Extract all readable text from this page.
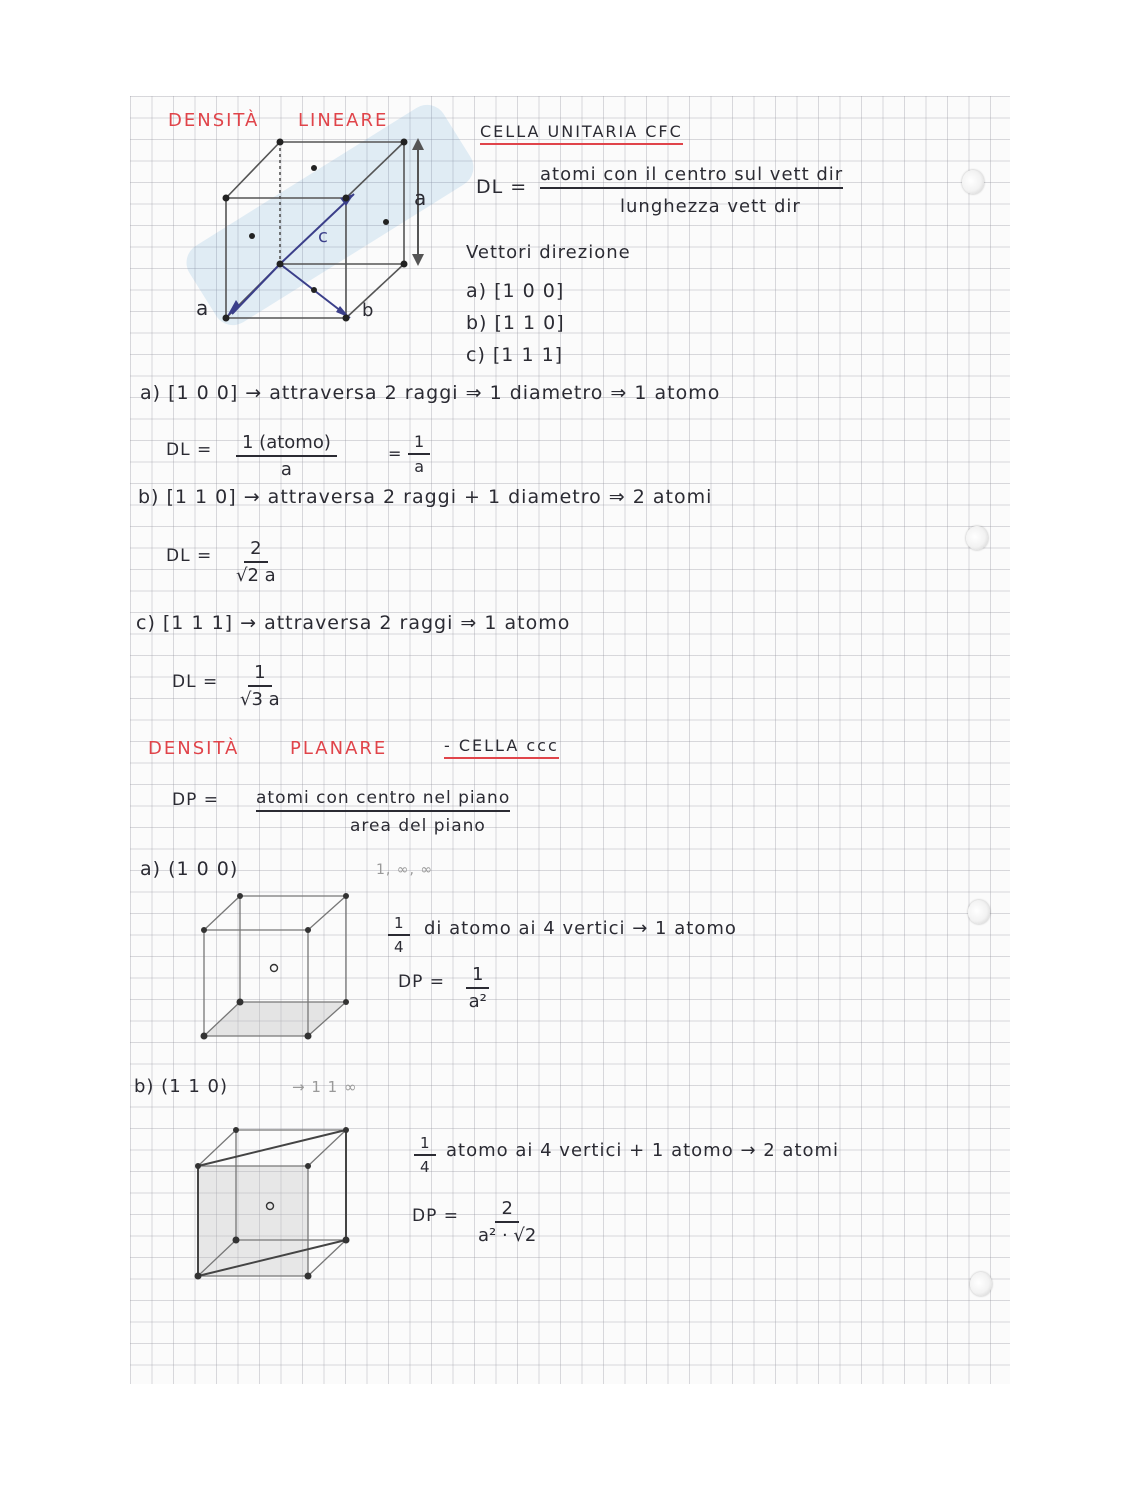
DENSITÀ LINEARE
CELLA UNITARIA CFC
a	b
c
a	DL =
atomi con il centro sul vett dir
lunghezza vett dir
Vettori direzione
a) [1 0 0]
b) [1 1 0]
c) [1 1 1]
a) [1 0 0] → attraversa 2 raggi ⇒ 1 diametro ⇒ 1 atomo
DL =	1 (atomo)
a
= $\frac{1}{a}$
b) [1 1 0] → attraversa 2 raggi + 1 diametro ⇒ 2 atomi
DL = $\frac{2}{√2 a}$
c) [1 1 1] → attraversa 2 raggi ⇒ 1 atomo
DL = $\frac{1}{√3 a}$
DENSITÀ	PLANARE	- CELLA ccc
DP = atomi con centro nel piano
area del piano
a) (1 0 0)	1, ∞, ∞
$\frac{1}{4}$ di atomo ai 4 vertici → 1 atomo
DP = $\frac{1}{\text{a²}}$
b) (1 1 0)	→ 1 1 ∞
$\frac{1}{4}$ atomo ai 4 vertici + 1 atomo → 2 atomi
DP = $\frac{2}{\text{a² · √2}}$
